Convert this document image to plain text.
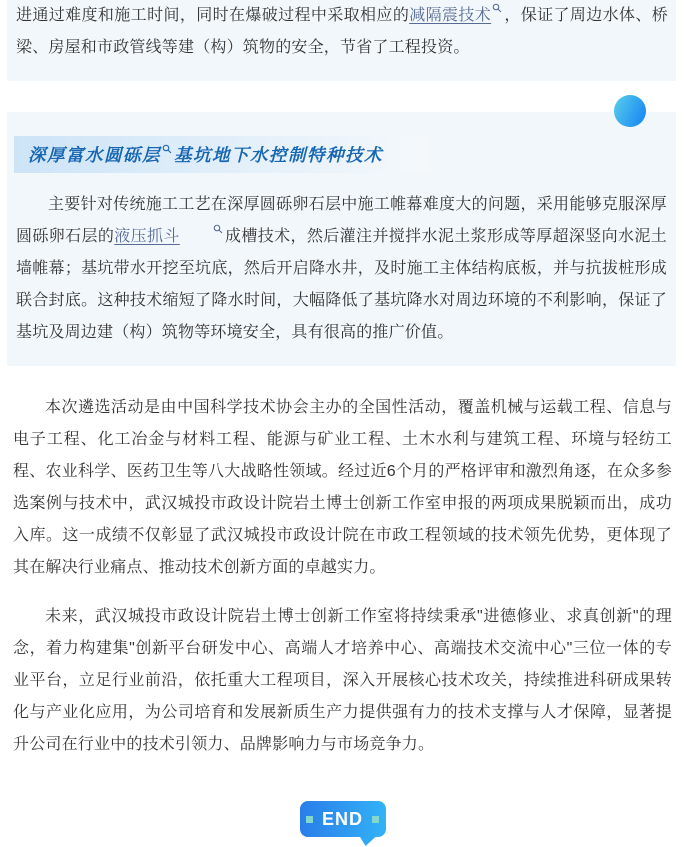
进通过难度和施工时间，同时在爆破过程中采取相应的减隔震技术 ，保证了周边水体、桥梁、房屋和市政管线等建（构）筑物的安全，节省了工程投资。

深厚富水圆砾层 基坑地下水控制特种技术

主要针对传统施工工艺在深厚圆砾卵石层中施工帷幕难度大的问题，采用能够克服深厚圆砾卵石层的液压抓斗	成槽技术，然后灌注并搅拌水泥土浆形成等厚超深竖向水泥土墙帷幕；基坑带水开挖至坑底，然后开启降水井，及时施工主体结构底板，并与抗拔桩形成联合封底。这种技术缩短了降水时间，大幅降低了基坑降水对周边环境的不利影响，保证了基坑及周边建（构）筑物等环境安全，具有很高的推广价值。

本次遴选活动是由中国科学技术协会主办的全国性活动，覆盖机械与运载工程、信息与电子工程、化工冶金与材料工程、能源与矿业工程、土木水利与建筑工程、环境与轻纺工程、农业科学、医药卫生等八大战略性领域。经过近6个月的严格评审和激烈角逐，在众多参选案例与技术中，武汉城投市政设计院岩土博士创新工作室申报的两项成果脱颖而出，成功入库。这一成绩不仅彰显了武汉城投市政设计院在市政工程领域的技术领先优势，更体现了其在解决行业痛点、推动技术创新方面的卓越实力。

未来，武汉城投市政设计院岩土博士创新工作室将持续秉承"进德修业、求真创新"的理念，着力构建集"创新平台研发中心、高端人才培养中心、高端技术交流中心"三位一体的专业平台，立足行业前沿，依托重大工程项目，深入开展核心技术攻关，持续推进科研成果转化与产业化应用，为公司培育和发展新质生产力提供强有力的技术支撑与人才保障，显著提升公司在行业中的技术引领力、品牌影响力与市场竞争力。

END
